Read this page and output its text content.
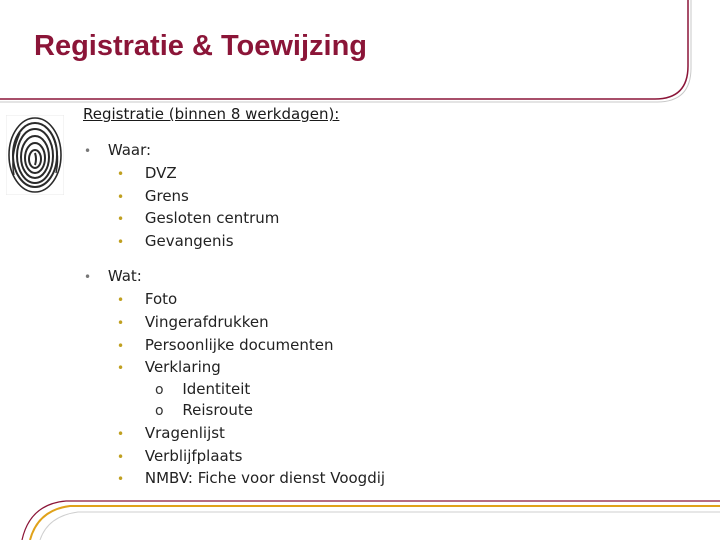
Registratie & Toewijzing
Registratie (binnen 8 werkdagen):
• Waar:
• DVZ
• Grens
• Gesloten centrum
• Gevangenis
• Wat:
• Foto
• Vingerafdrukken
• Persoonlijke documenten
• Verklaring
o Identiteit
o Reisroute
• Vragenlijst
• Verblijfplaats
• NMBV: Fiche voor dienst Voogdij
